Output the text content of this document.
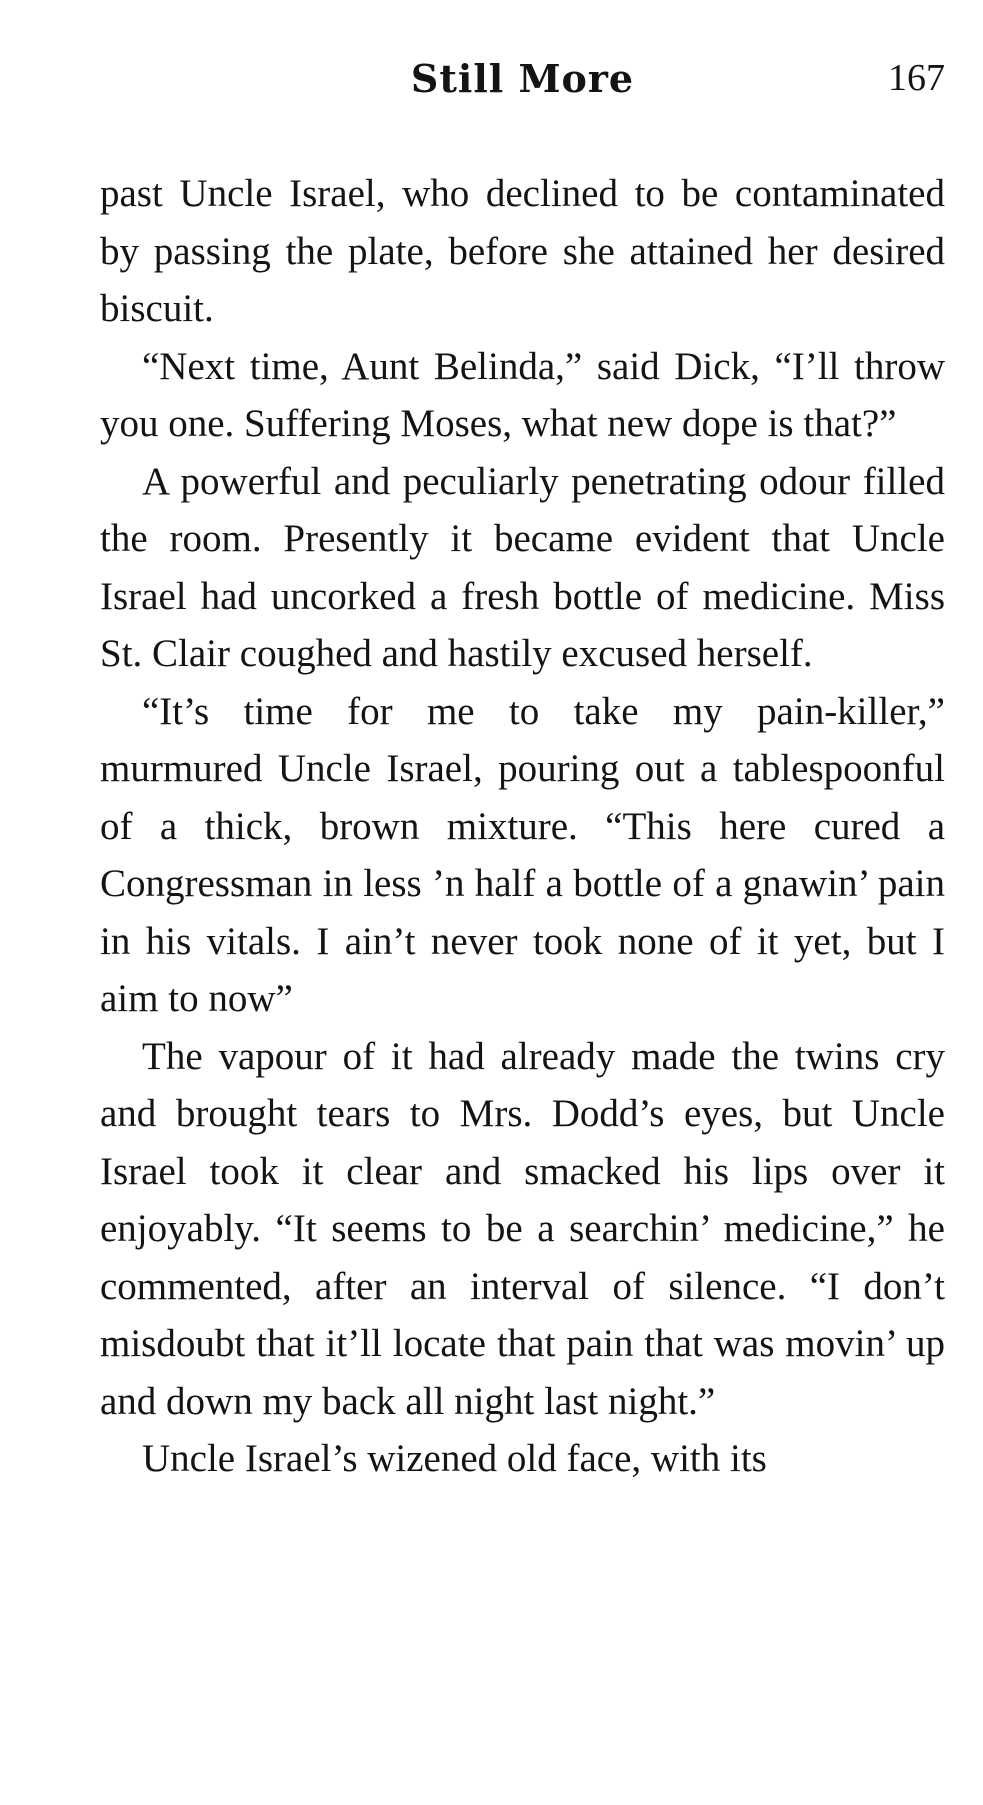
Still More	167

past Uncle Israel, who declined to be contaminated by passing the plate, before she attained her desired biscuit.

“Next time, Aunt Belinda,” said Dick, “I’ll throw you one. Suffering Moses, what new dope is that?”

A powerful and peculiarly penetrating odour filled the room. Presently it became evident that Uncle Israel had uncorked a fresh bottle of medicine. Miss St. Clair coughed and hastily excused herself.

“It’s time for me to take my pain-killer,” murmured Uncle Israel, pouring out a tablespoonful of a thick, brown mixture. “This here cured a Congressman in less ’n half a bottle of a gnawin’ pain in his vitals. I ain’t never took none of it yet, but I aim to now”

The vapour of it had already made the twins cry and brought tears to Mrs. Dodd’s eyes, but Uncle Israel took it clear and smacked his lips over it enjoyably. “It seems to be a searchin’ medicine,” he commented, after an interval of silence. “I don’t misdoubt that it’ll locate that pain that was movin’ up and down my back all night last night.”

Uncle Israel’s wizened old face, with its
